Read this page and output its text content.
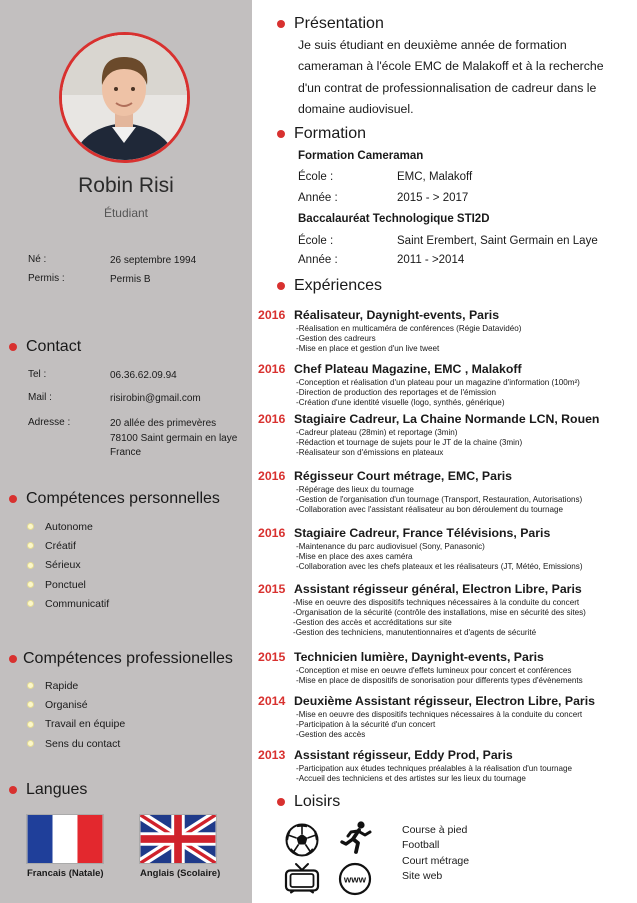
Robin Risi
Étudiant
Né :	26 septembre 1994
Permis :	Permis B
Contact
Tel :	06.36.62.09.94
Mail :	risirobin@gmail.com
Adresse :	20 allée des primevères
78100 Saint germain en laye
France
Compétences personnelles
Autonome
Créatif
Sérieux
Ponctuel
Communicatif
Compétences professionelles
Rapide
Organisé
Travail en équipe
Sens du contact
Langues
Francais (Natale)	Anglais (Scolaire)
Présentation
Je suis étudiant en deuxième année de formation
cameraman à l'école EMC de Malakoff et à la recherche
d'un contrat de professionnalisation de cadreur dans le
domaine audiovisuel.
Formation
Formation Cameraman
École :	EMC, Malakoff
Année :	2015 - > 2017
Baccalauréat Technologique STI2D
École :	Saint Erembert, Saint Germain en Laye
Année :	2011 - >2014
Expériences
2016 Réalisateur, Daynight-events, Paris
-Réalisation en multicaméra de conférences (Régie Datavidéo)
-Gestion des cadreurs
-Mise en place et gestion d'un live tweet
2016 Chef Plateau Magazine, EMC , Malakoff
-Conception et réalisation d'un plateau pour un magazine d'information (100m²)
-Direction de production des reportages et de l'émission
-Création d'une identité visuelle (logo, synthés, générique)
2016 Stagiaire Cadreur, La Chaine Normande LCN, Rouen
-Cadreur plateau (28min) et reportage (3min)
-Rédaction et tournage de sujets pour le JT de la chaine (3min)
-Réalisateur son d'émissions en plateaux
2016 Régisseur Court métrage, EMC, Paris
-Répérage des lieux du tournage
-Gestion de l'organisation d'un tournage (Transport, Restauration, Autorisations)
-Collaboration avec l'assistant réalisateur au bon déroulement du tournage
2016 Stagiaire Cadreur, France Télévisions, Paris
-Maintenance du parc audiovisuel (Sony, Panasonic)
-Mise en place des axes caméra
-Collaboration avec les chefs plateaux et les réalisateurs (JT, Météo, Emissions)
2015 Assistant régisseur général, Electron Libre, Paris
-Mise en oeuvre des dispositifs techniques nécessaires à la conduite du concert
-Organisation de la sécurité (contrôle des installations, mise en sécurité des sites)
-Gestion des accès et accréditations sur site
-Gestion des techniciens, manutentionnaires et d'agents de sécurité
2015 Technicien lumière, Daynight-events, Paris
-Conception et mise en oeuvre d'effets lumineux pour concert et conférences
-Mise en place de dispositifs de sonorisation pour differents types d'évènements
2014 Deuxième Assistant régisseur, Electron Libre, Paris
-Mise en oeuvre des dispositifs techniques nécessaires à la conduite du concert
-Participation à la sécurité d'un concert
-Gestion des accès
2013 Assistant régisseur, Eddy Prod, Paris
-Participation aux études techniques préalables à la réalisation d'un tournage
-Accueil des techniciens et des artistes sur les lieux du tournage
Loisirs
www
Course à pied
Football
Court métrage
Site web
